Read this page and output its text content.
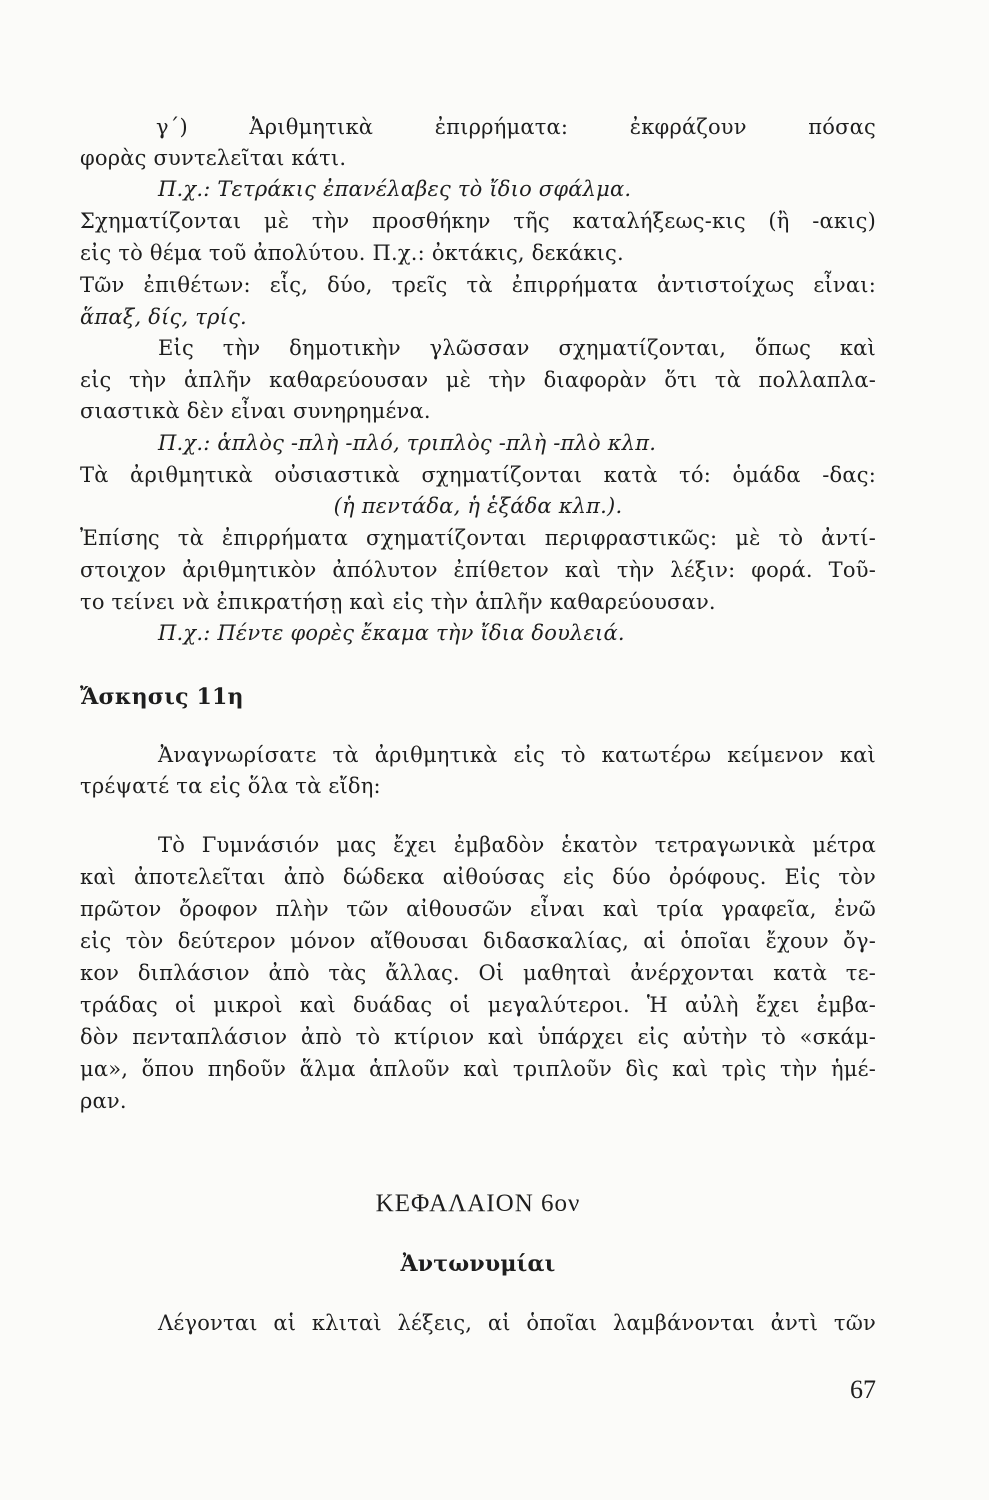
γ΄) Ἀριθμητικὰ ἐπιρρήματα: ἐκφράζουν πόσας
φορὰς συντελεῖται κάτι.
Π.χ.: Τετράκις ἐπανέλαβες τὸ ἴδιο σφάλμα.
Σχηματίζονται μὲ τὴν προσθήκην τῆς καταλήξεως-κις (ἢ -ακις)
εἰς τὸ θέμα τοῦ ἀπολύτου. Π.χ.: ὀκτάκις, δεκάκις.
Τῶν ἐπιθέτων: εἷς, δύο, τρεῖς τὰ ἐπιρρήματα ἀντιστοίχως εἶναι:
ἅπαξ, δίς, τρίς.
Εἰς τὴν δημοτικὴν γλῶσσαν σχηματίζονται, ὅπως καὶ
εἰς τὴν ἁπλῆν καθαρεύουσαν μὲ τὴν διαφορὰν ὅτι τὰ πολλαπλα-
σιαστικὰ δὲν εἶναι συνηρημένα.
Π.χ.: ἁπλὸς -πλὴ -πλό, τριπλὸς -πλὴ -πλὸ κλπ.
Τὰ ἀριθμητικὰ οὐσιαστικὰ σχηματίζονται κατὰ τό: ὁμάδα -δας:
(ἡ πεντάδα, ἡ ἑξάδα κλπ.).
Ἐπίσης τὰ ἐπιρρήματα σχηματίζονται περιφραστικῶς: μὲ τὸ ἀντί-
στοιχον ἀριθμητικὸν ἀπόλυτον ἐπίθετον καὶ τὴν λέξιν: φορά. Τοῦ-
το τείνει νὰ ἐπικρατήσῃ καὶ εἰς τὴν ἁπλῆν καθαρεύουσαν.
Π.χ.: Πέντε φορὲς ἔκαμα τὴν ἴδια δουλειά.
Ἄσκησις 11η
Ἀναγνωρίσατε τὰ ἀριθμητικὰ εἰς τὸ κατωτέρω κείμενον καὶ
τρέψατέ τα εἰς ὅλα τὰ εἴδη:
Τὸ Γυμνάσιόν μας ἔχει ἐμβαδὸν ἑκατὸν τετραγωνικὰ μέτρα
καὶ ἀποτελεῖται ἀπὸ δώδεκα αἰθούσας εἰς δύο ὀρόφους. Εἰς τὸν
πρῶτον ὄροφον πλὴν τῶν αἰθουσῶν εἶναι καὶ τρία γραφεῖα, ἐνῶ
εἰς τὸν δεύτερον μόνον αἴθουσαι διδασκαλίας, αἱ ὁποῖαι ἔχουν ὄγ-
κον διπλάσιον ἀπὸ τὰς ἄλλας. Οἱ μαθηταὶ ἀνέρχονται κατὰ τε-
τράδας οἱ μικροὶ καὶ δυάδας οἱ μεγαλύτεροι. Ἡ αὐλὴ ἔχει ἐμβα-
δὸν πενταπλάσιον ἀπὸ τὸ κτίριον καὶ ὑπάρχει εἰς αὐτὴν τὸ «σκάμ-
μα», ὅπου πηδοῦν ἅλμα ἁπλοῦν καὶ τριπλοῦν δὶς καὶ τρὶς τὴν ἡμέ-
ραν.
ΚΕΦΑΛΑΙΟΝ 6ον
Ἀντωνυμίαι
Λέγονται αἱ κλιταὶ λέξεις, αἱ ὁποῖαι λαμβάνονται ἀντὶ τῶν
67
